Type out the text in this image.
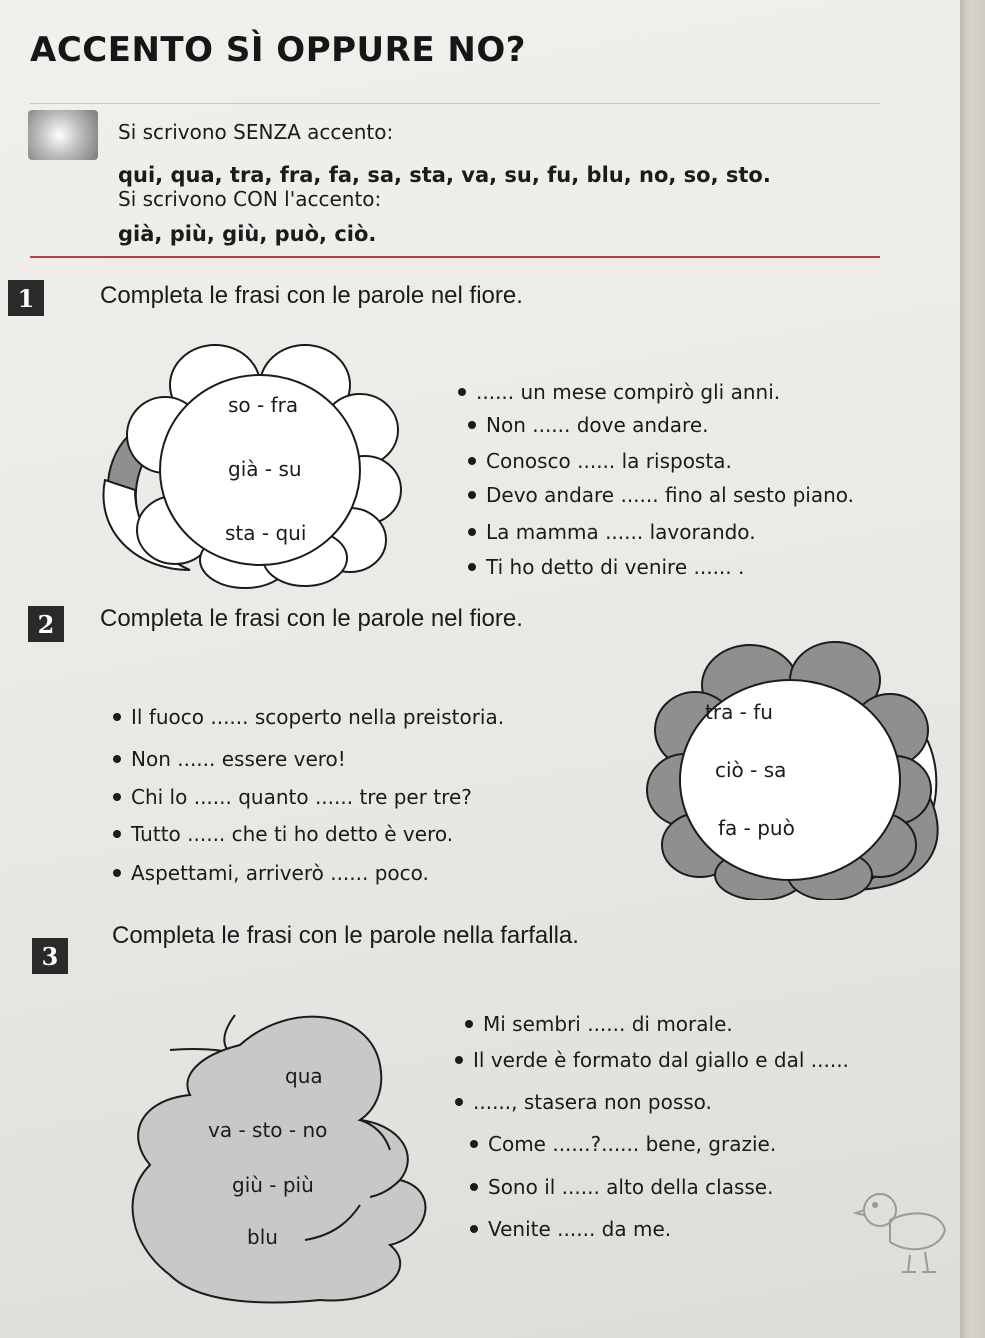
ACCENTO SÌ OPPURE NO?
Si scrivono SENZA accento:
qui, qua, tra, fra, fa, sa, sta, va, su, fu, blu, no, so, sto.
Si scrivono CON l'accento:
già, più, giù, può, ciò.
1	Completa le frasi con le parole nel fiore.
so - fra
già - su
sta - qui
...... un mese compirò gli anni.
Non ...... dove andare.
Conosco ...... la risposta.
Devo andare ...... fino al sesto piano.
La mamma ...... lavorando.
Ti ho detto di venire ...... .
2	Completa le frasi con le parole nel fiore.
tra - fu
ciò - sa
fa - può
Il fuoco ...... scoperto nella preistoria.
Non ...... essere vero!
Chi lo ...... quanto ...... tre per tre?
Tutto ...... che ti ho detto è vero.
Aspettami, arriverò ...... poco.
3
Completa le frasi con le parole nella farfalla.
qua
va - sto - no
giù - più
blu
Mi sembri ...... di morale.
Il verde è formato dal giallo e dal ......
......, stasera non posso.
Come ......?...... bene, grazie.
Sono il ...... alto della classe.
Venite ...... da me.
